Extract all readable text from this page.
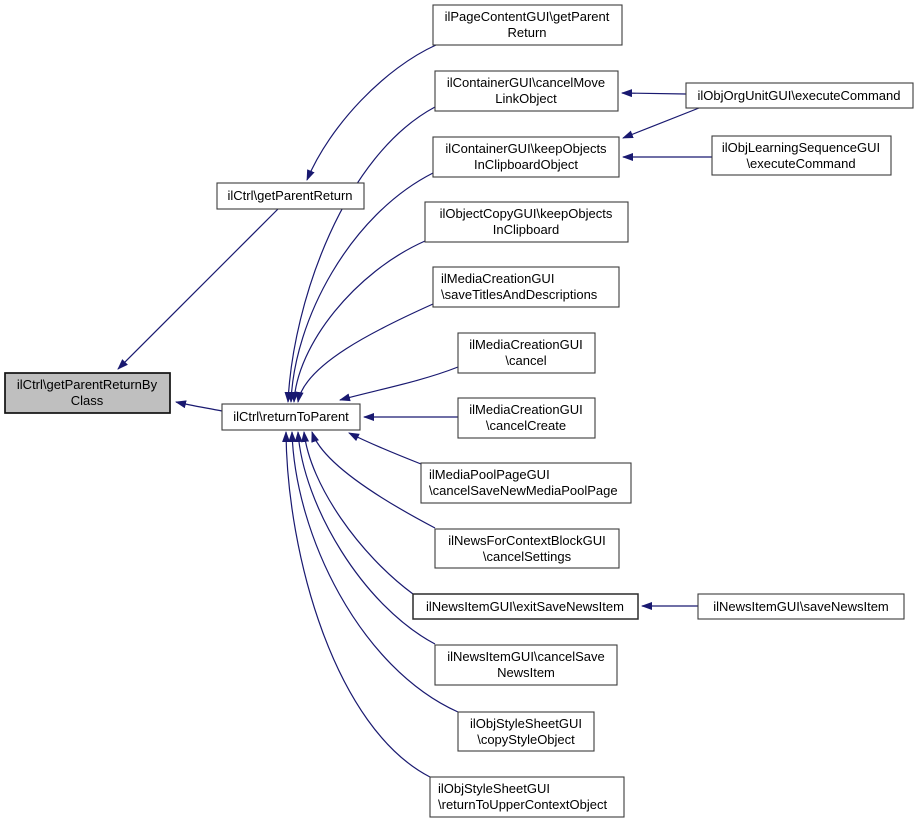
ilPageContentGUI\getParent
Return
ilContainerGUI\cancelMove
LinkObject	ilObjOrgUnitGUI\executeCommand
ilContainerGUI\keepObjects
InClipboardObject
ilObjLearningSequenceGUI
\executeCommand
ilCtrl\getParentReturn
ilObjectCopyGUI\keepObjects
InClipboard
ilMediaCreationGUI
\saveTitlesAndDescriptions
ilMediaCreationGUI
\cancel
ilCtrl\getParentReturnBy
Class
ilCtrl\returnToParent	ilMediaCreationGUI
\cancelCreate
ilMediaPoolPageGUI
\cancelSaveNewMediaPoolPage
ilNewsForContextBlockGUI
\cancelSettings
ilNewsItemGUI\exitSaveNewsItem	ilNewsItemGUI\saveNewsItem
ilNewsItemGUI\cancelSave
NewsItem
ilObjStyleSheetGUI
\copyStyleObject
ilObjStyleSheetGUI
\returnToUpperContextObject
